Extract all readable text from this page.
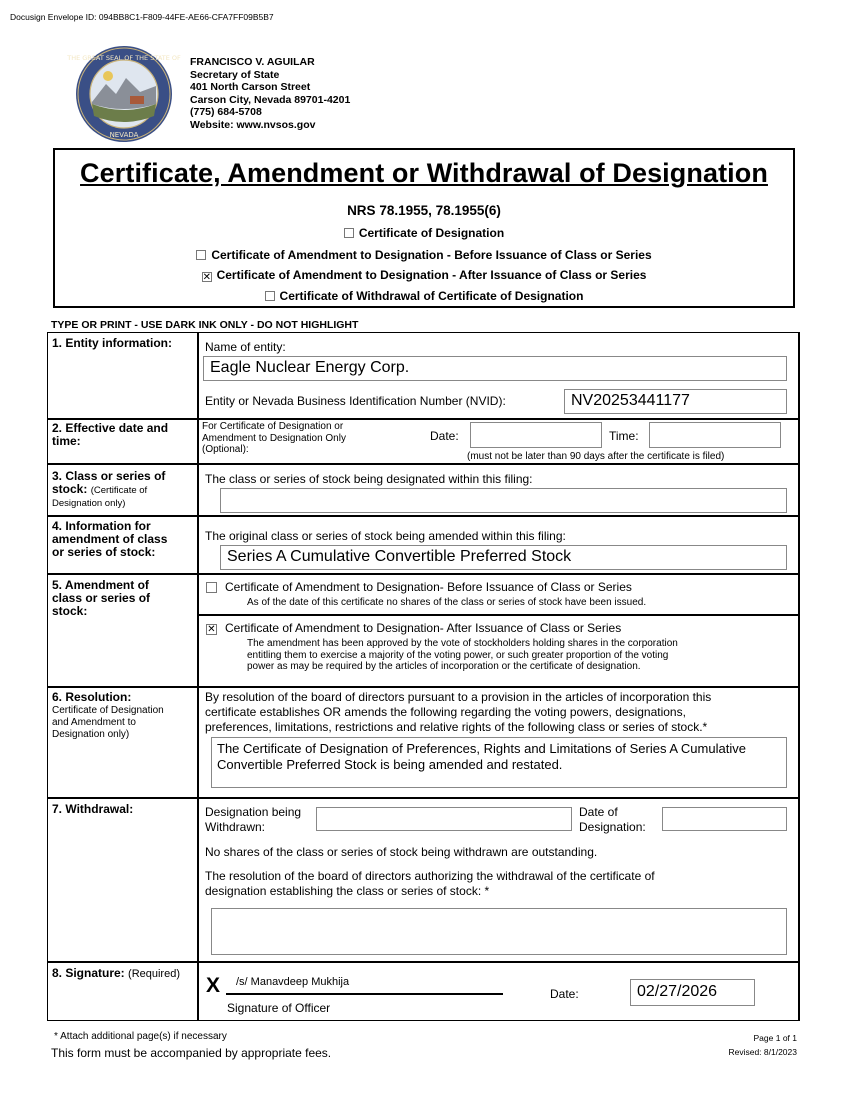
Docusign Envelope ID: 094BB8C1-F809-44FE-AE66-CFA7FF09B5B7
THE GREAT SEAL OF THE STATE OF
NEVADA
FRANCISCO V. AGUILAR
Secretary of State
401 North Carson Street
Carson City, Nevada 89701-4201
(775) 684-5708
Website: www.nvsos.gov
Certificate, Amendment or Withdrawal of Designation
NRS 78.1955, 78.1955(6)
Certificate of Designation
Certificate of Amendment to Designation - Before Issuance of Class or Series
✕ Certificate of Amendment to Designation - After Issuance of Class or Series
Certificate of Withdrawal of Certificate of Designation
TYPE OR PRINT - USE DARK INK ONLY - DO NOT HIGHLIGHT
1. Entity information:	Name of entity:
Eagle Nuclear Energy Corp.
Entity or Nevada Business Identification Number (NVID):	NV20253441177
2. Effective date and
time:
For Certificate of Designation or
Amendment to Designation Only
(Optional):
Date:	Time:
(must not be later than 90 days after the certificate is filed)
3. Class or series of
stock: (Certificate of
Designation only)
The class or series of stock being designated within this filing:
4. Information for
amendment of class
or series of stock:
The original class or series of stock being amended within this filing:
Series A Cumulative Convertible Preferred Stock
5. Amendment of
class or series of
stock:
Certificate of Amendment to Designation- Before Issuance of Class or Series
As of the date of this certificate no shares of the class or series of stock have been issued.
✕ Certificate of Amendment to Designation- After Issuance of Class or Series
The amendment has been approved by the vote of stockholders holding shares in the corporation
entitling them to exercise a majority of the voting power, or such greater proportion of the voting
power as may be required by the articles of incorporation or the certificate of designation.
6. Resolution:
Certificate of Designation
and Amendment to
Designation only)
By resolution of the board of directors pursuant to a provision in the articles of incorporation this
certificate establishes OR amends the following regarding the voting powers, designations,
preferences, limitations, restrictions and relative rights of the following class or series of stock.*
The Certificate of Designation of Preferences, Rights and Limitations of Series A Cumulative
Convertible Preferred Stock is being amended and restated.
7. Withdrawal:	Designation being
Withdrawn:
Date of
Designation:
No shares of the class or series of stock being withdrawn are outstanding.
The resolution of the board of directors authorizing the withdrawal of the certificate of
designation establishing the class or series of stock: *
8. Signature: (Required) X /s/ Manavdeep Mukhija
Signature of Officer
Date:	02/27/2026
* Attach additional page(s) if necessary
This form must be accompanied by appropriate fees.
Page 1 of 1
Revised: 8/1/2023
